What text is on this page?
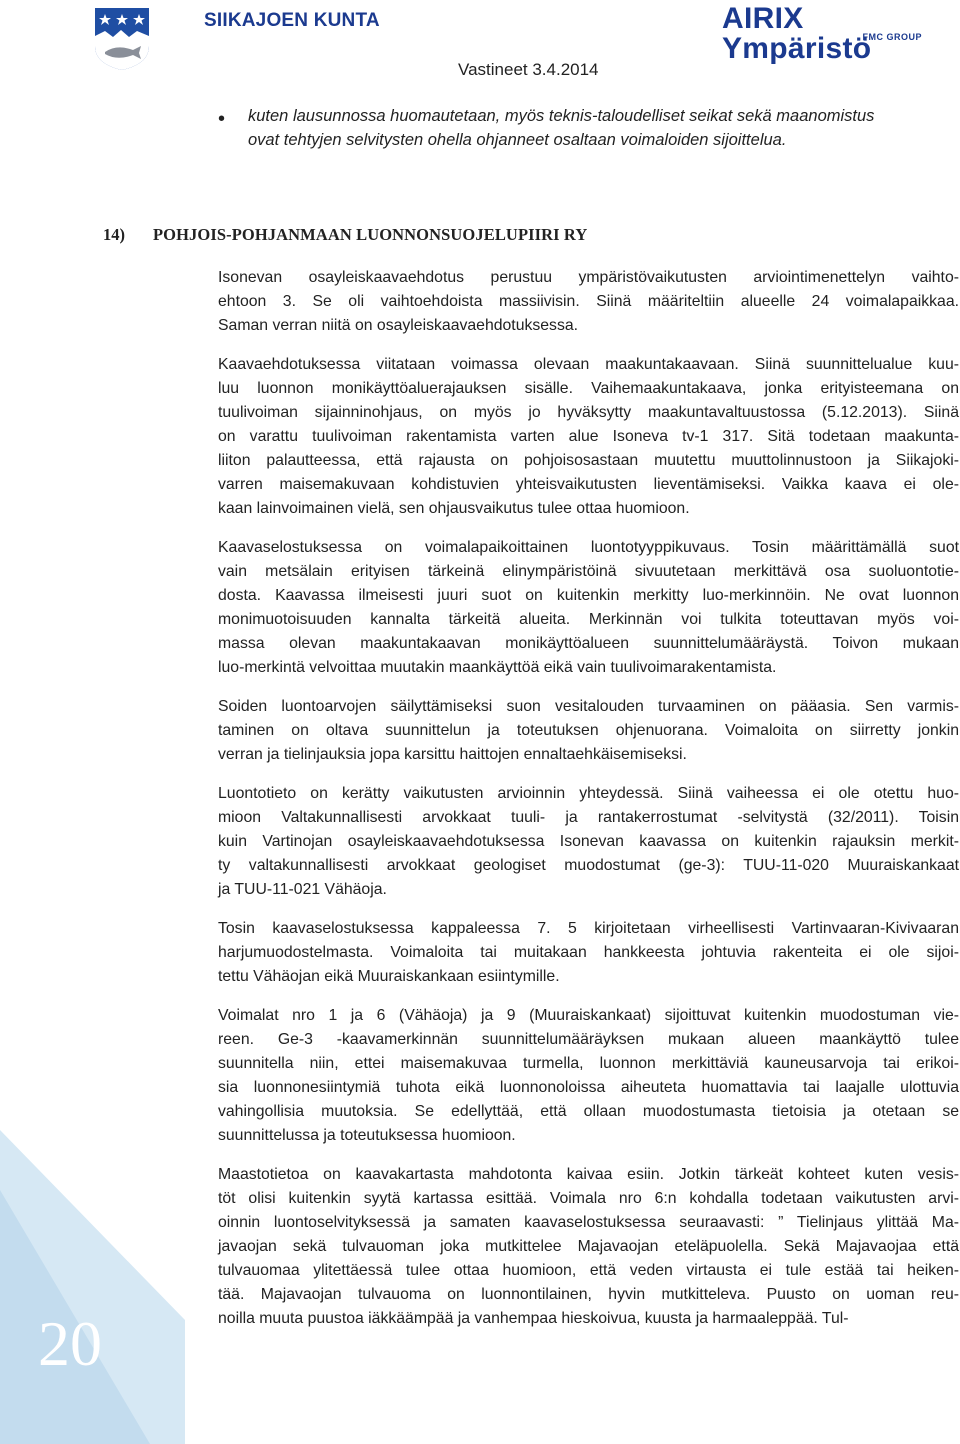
SIIKAJOEN KUNTA	AIRIX Ympäristö
FMC GROUP
Vastineet 3.4.2014
20
• kuten lausunnossa huomautetaan, myös teknis-taloudelliset seikat sekä maanomistus
ovat tehtyjen selvitysten ohella ohjanneet osaltaan voimaloiden sijoittelua.
14) POHJOIS-POHJANMAAN LUONNONSUOJELUPIIRI RY
Isonevan osayleiskaavaehdotus perustuu ympäristövaikutusten arviointimenettelyn vaihto-
ehtoon 3. Se oli vaihtoehdoista massiivisin. Siinä määriteltiin alueelle 24 voimalapaikkaa.
Saman verran niitä on osayleiskaavaehdotuksessa.
Kaavaehdotuksessa viitataan voimassa olevaan maakuntakaavaan. Siinä suunnittelualue kuu-
luu luonnon monikäyttöaluerajauksen sisälle. Vaihemaakuntakaava, jonka erityisteemana on
tuulivoiman sijainninohjaus, on myös jo hyväksytty maakuntavaltuustossa (5.12.2013). Siinä
on varattu tuulivoiman rakentamista varten alue Isoneva tv-1 317. Sitä todetaan maakunta-
liiton palautteessa, että rajausta on pohjoisosastaan muutettu muuttolinnustoon ja Siikajoki-
varren maisemakuvaan kohdistuvien yhteisvaikutusten lieventämiseksi. Vaikka kaava ei ole-
kaan lainvoimainen vielä, sen ohjausvaikutus tulee ottaa huomioon.
Kaavaselostuksessa on voimalapaikoittainen luontotyyppikuvaus. Tosin määrittämällä suot
vain metsälain erityisen tärkeinä elinympäristöinä sivuutetaan merkittävä osa suoluontotie-
dosta. Kaavassa ilmeisesti juuri suot on kuitenkin merkitty luo-merkinnöin. Ne ovat luonnon
monimuotoisuuden kannalta tärkeitä alueita. Merkinnän voi tulkita toteuttavan myös voi-
massa olevan maakuntakaavan monikäyttöalueen suunnittelumääräystä. Toivon mukaan
luo-merkintä velvoittaa muutakin maankäyttöä eikä vain tuulivoimarakentamista.
Soiden luontoarvojen säilyttämiseksi suon vesitalouden turvaaminen on pääasia. Sen varmis-
taminen on oltava suunnittelun ja toteutuksen ohjenuorana. Voimaloita on siirretty jonkin
verran ja tielinjauksia jopa karsittu haittojen ennaltaehkäisemiseksi.
Luontotieto on kerätty vaikutusten arvioinnin yhteydessä. Siinä vaiheessa ei ole otettu huo-
mioon Valtakunnallisesti arvokkaat tuuli- ja rantakerrostumat -selvitystä (32/2011). Toisin
kuin Vartinojan osayleiskaavaehdotuksessa Isonevan kaavassa on kuitenkin rajauksin merkit-
ty valtakunnallisesti arvokkaat geologiset muodostumat (ge-3): TUU-11-020 Muuraiskankaat
ja TUU-11-021 Vähäoja.
Tosin kaavaselostuksessa kappaleessa 7. 5 kirjoitetaan virheellisesti Vartinvaaran-Kivivaaran
harjumuodostelmasta. Voimaloita tai muitakaan hankkeesta johtuvia rakenteita ei ole sijoi-
tettu Vähäojan eikä Muuraiskankaan esiintymille.
Voimalat nro 1 ja 6 (Vähäoja) ja 9 (Muuraiskankaat) sijoittuvat kuitenkin muodostuman vie-
reen. Ge-3 -kaavamerkinnän suunnittelumääräyksen mukaan alueen maankäyttö tulee
suunnitella niin, ettei maisemakuvaa turmella, luonnon merkittäviä kauneusarvoja tai erikoi-
sia luonnonesiintymiä tuhota eikä luonnonoloissa aiheuteta huomattavia tai laajalle ulottuvia
vahingollisia muutoksia. Se edellyttää, että ollaan muodostumasta tietoisia ja otetaan se
suunnittelussa ja toteutuksessa huomioon.
Maastotietoa on kaavakartasta mahdotonta kaivaa esiin. Jotkin tärkeät kohteet kuten vesis-
töt olisi kuitenkin syytä kartassa esittää. Voimala nro 6:n kohdalla todetaan vaikutusten arvi-
oinnin luontoselvityksessä ja samaten kaavaselostuksessa seuraavasti: ” Tielinjaus ylittää Ma-
javaojan sekä tulvauoman joka mutkittelee Majavaojan eteläpuolella. Sekä Majavaojaa että
tulvauomaa ylitettäessä tulee ottaa huomioon, että veden virtausta ei tule estää tai heiken-
tää. Majavaojan tulvauoma on luonnontilainen, hyvin mutkitteleva. Puusto on uoman reu-
noilla muuta puustoa iäkkäämpää ja vanhempaa hieskoivua, kuusta ja harmaaleppää. Tul-
